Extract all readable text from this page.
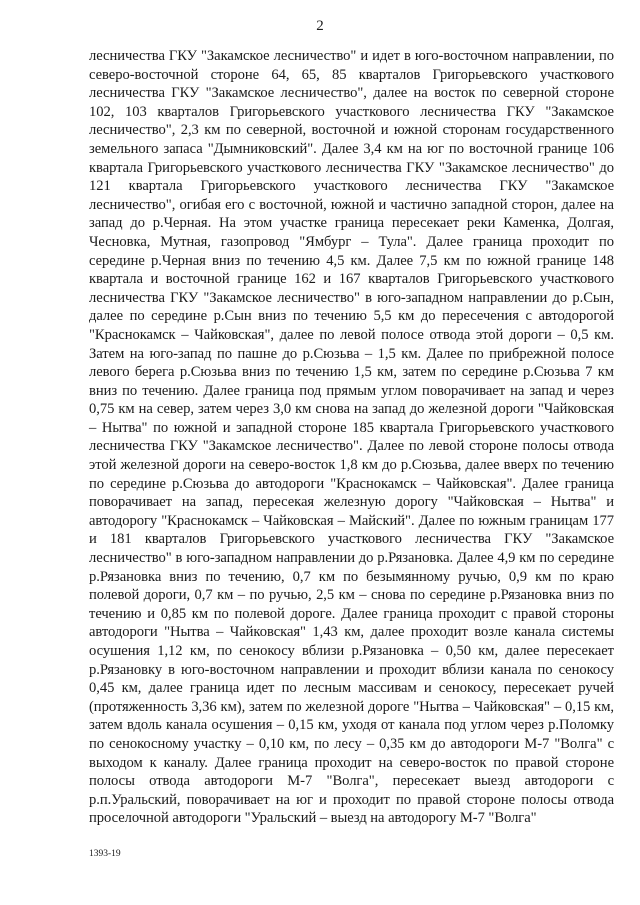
2

лесничества ГКУ "Закамское лесничество" и идет в юго-восточном направлении, по северо-восточной стороне 64, 65, 85 кварталов Григорьевского участкового лесничества ГКУ "Закамское лесничество", далее на восток по северной стороне 102, 103 кварталов Григорьевского участкового лесничества ГКУ "Закамское лесничество", 2,3 км по северной, восточной и южной сторонам государственного земельного запаса "Дымниковский". Далее 3,4 км на юг по восточной границе 106 квартала Григорьевского участкового лесничества ГКУ "Закамское лесничество" до 121 квартала Григорьевского участкового лесничества ГКУ "Закамское лесничество", огибая его с восточной, южной и частично западной сторон, далее на запад до р.Черная. На этом участке граница пересекает реки Каменка, Долгая, Чесновка, Мутная, газопровод "Ямбург – Тула". Далее граница проходит по середине р.Черная вниз по течению 4,5 км. Далее 7,5 км по южной границе 148 квартала и восточной границе 162 и 167 кварталов Григорьевского участкового лесничества ГКУ "Закамское лесничество" в юго-западном направлении до р.Сын, далее по середине р.Сын вниз по течению 5,5 км до пересечения с автодорогой "Краснокамск – Чайковская", далее по левой полосе отвода этой дороги – 0,5 км. Затем на юго-запад по пашне до р.Сюзьва – 1,5 км. Далее по прибрежной полосе левого берега р.Сюзьва вниз по течению 1,5 км, затем по середине р.Сюзьва 7 км вниз по течению. Далее граница под прямым углом поворачивает на запад и через 0,75 км на север, затем через 3,0 км снова на запад до железной дороги "Чайковская – Нытва" по южной и западной стороне 185 квартала Григорьевского участкового лесничества ГКУ "Закамское лесничество". Далее по левой стороне полосы отвода этой железной дороги на северо-восток 1,8 км до р.Сюзьва, далее вверх по течению по середине р.Сюзьва до автодороги "Краснокамск – Чайковская". Далее граница поворачивает на запад, пересекая железную дорогу "Чайковская – Нытва" и автодорогу "Краснокамск – Чайковская – Майский". Далее по южным границам 177 и 181 кварталов Григорьевского участкового лесничества ГКУ "Закамское лесничество" в юго-западном направлении до р.Рязановка. Далее 4,9 км по середине р.Рязановка вниз по течению, 0,7 км по безымянному ручью, 0,9 км по краю полевой дороги, 0,7 км – по ручью, 2,5 км – снова по середине р.Рязановка вниз по течению и 0,85 км по полевой дороге. Далее граница проходит с правой стороны автодороги "Нытва – Чайковская" 1,43 км, далее проходит возле канала системы осушения 1,12 км, по сенокосу вблизи р.Рязановка – 0,50 км, далее пересекает р.Рязановку в юго-восточном направлении и проходит вблизи канала по сенокосу 0,45 км, далее граница идет по лесным массивам и сенокосу, пересекает ручей (протяженность 3,36 км), затем по железной дороге "Нытва – Чайковская" – 0,15 км, затем вдоль канала осушения – 0,15 км, уходя от канала под углом через р.Поломку по сенокосному участку – 0,10 км, по лесу – 0,35 км до автодороги М-7 "Волга" с выходом к каналу. Далее граница проходит на северо-восток по правой стороне полосы отвода автодороги М-7 "Волга", пересекает выезд автодороги с р.п.Уральский, поворачивает на юг и проходит по правой стороне полосы отвода проселочной автодороги "Уральский – выезд на автодорогу М-7 "Волга"

1393-19
